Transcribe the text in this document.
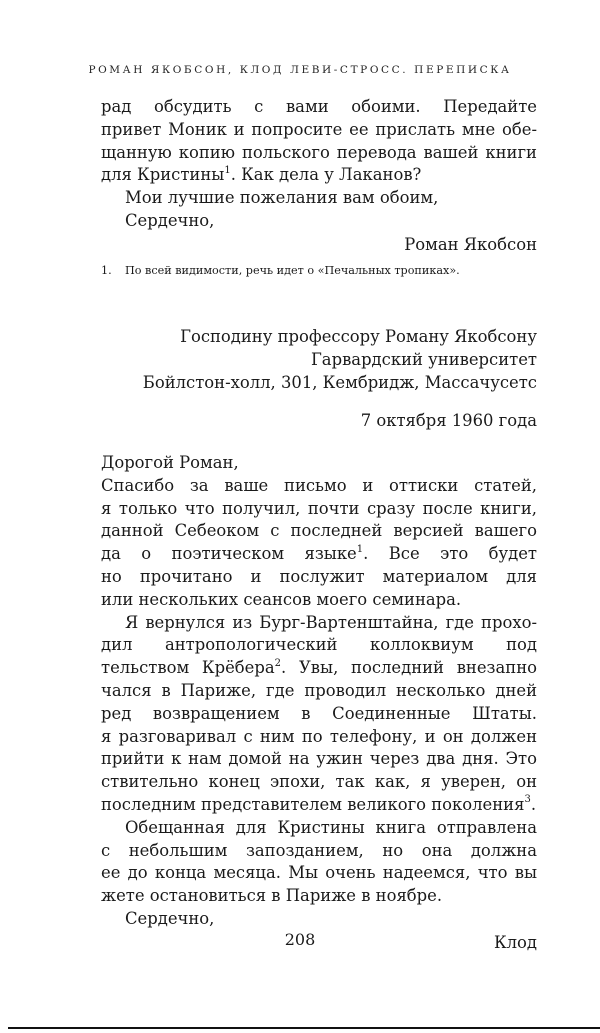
РОМАН ЯКОБСОН, КЛОД ЛЕВИ-СТРОСС. ПЕРЕПИСКА
рад обсудить с вами обоими. Передайте
привет Моник и попросите ее прислать мне обе-
щанную копию польского перевода вашей книги
для Кристины$^1$. Как дела у Лаканов?
Мои лучшие пожелания вам обоим,
Сердечно,
Роман Якобсон
1. По всей видимости, речь идет о «Печальных тропиках».
Господину профессору Роману Якобсону
Гарвардский университет
Бойлстон-холл, 301, Кембридж, Массачусетс
7 октября 1960 года
Дорогой Роман,
Спасибо за ваше письмо и оттиски статей,
я только что получил, почти сразу после книги,
данной Себеоком с последней версией вашего
да о поэтическом языке$^1$. Все это будет
но прочитано и послужит материалом для
или нескольких сеансов моего семинара.
Я вернулся из Бург-Вартенштайна, где прохо-
дил антропологический коллоквиум под
тельством Крёбера$^2$. Увы, последний внезапно
чался в Париже, где проводил несколько дней
ред возвращением в Соединенные Штаты.
я разговаривал с ним по телефону, и он должен
прийти к нам домой на ужин через два дня. Это
ствительно конец эпохи, так как, я уверен, он
последним представителем великого поколения$^3$.
Обещанная для Кристины книга отправлена
с небольшим запозданием, но она должна
ее до конца месяца. Мы очень надеемся, что вы
жете остановиться в Париже в ноябре.
Сердечно,
Клод
208
